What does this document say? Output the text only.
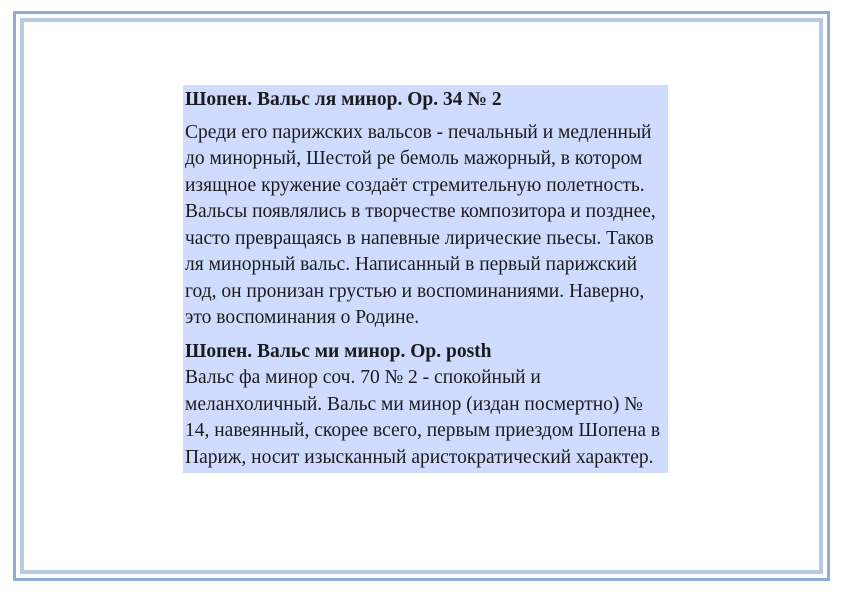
Шопен. Вальс ля минор. Ор. 34 № 2
Среди его парижских вальсов - печальный и медленный до минорный, Шестой ре бемоль мажорный, в котором изящное кружение создаёт стремительную полетность. Вальсы появлялись в творчестве композитора и позднее, часто превращаясь в напевные лирические пьесы. Таков ля минорный вальс. Написанный в первый парижский год, он пронизан грустью и воспоминаниями. Наверно, это воспоминания о Родине.
Шопен. Вальс ми минор. Ор. posth
Вальс фа минор соч. 70 № 2 - спокойный и меланхоличный. Вальс ми минор (издан посмертно) № 14, навеянный, скорее всего, первым приездом Шопена в Париж, носит изысканный аристократический характер.
